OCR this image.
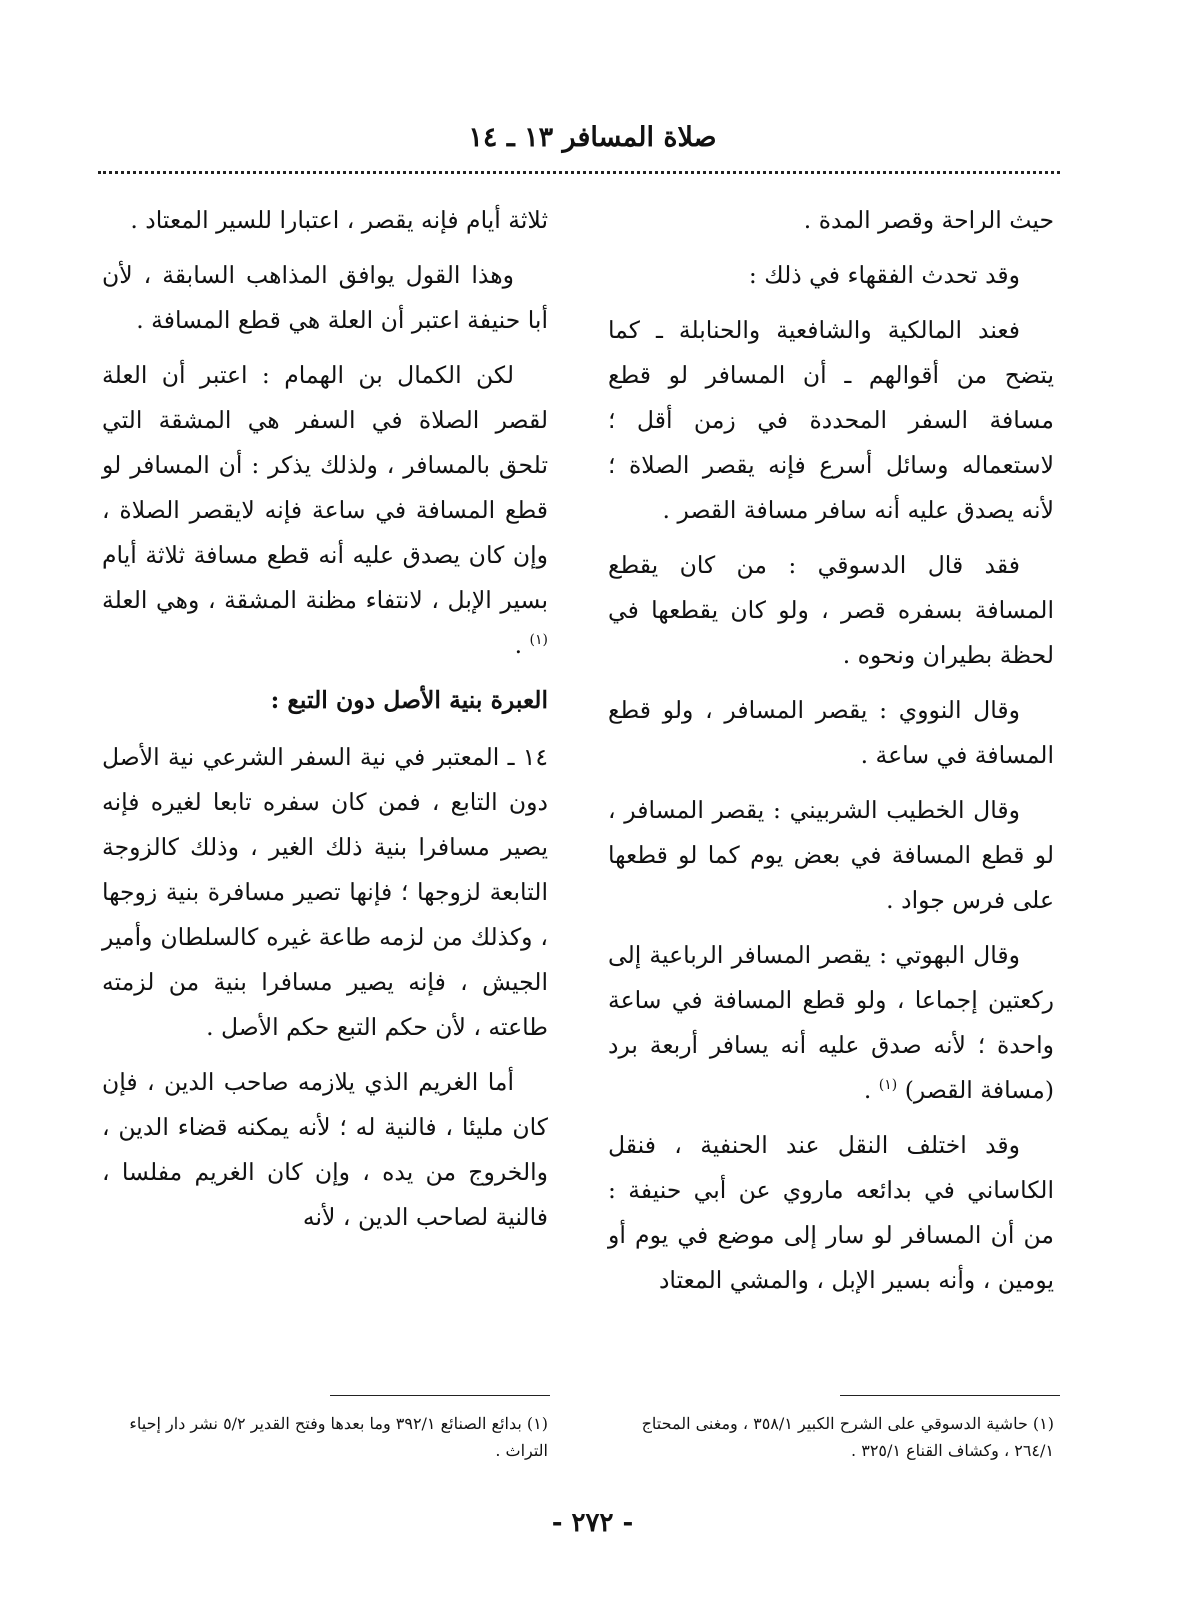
صلاة المسافر ١٣ ـ ١٤

حيث الراحة وقصر المدة .

وقد تحدث الفقهاء في ذلك :

فعند المالكية والشافعية والحنابلة ـ كما يتضح من أقوالهم ـ أن المسافر لو قطع مسافة السفر المحددة في زمن أقل ؛ لاستعماله وسائل أسرع فإنه يقصر الصلاة ؛ لأنه يصدق عليه أنه سافر مسافة القصر .

فقد قال الدسوقي : من كان يقطع المسافة بسفره قصر ، ولو كان يقطعها في لحظة بطيران ونحوه .

وقال النووي : يقصر المسافر ، ولو قطع المسافة في ساعة .

وقال الخطيب الشربيني : يقصر المسافر ، لو قطع المسافة في بعض يوم كما لو قطعها على فرس جواد .

وقال البهوتي : يقصر المسافر الرباعية إلى ركعتين إجماعا ، ولو قطع المسافة في ساعة واحدة ؛ لأنه صدق عليه أنه يسافر أربعة برد (مسافة القصر) $^{(١)}$ .

وقد اختلف النقل عند الحنفية ، فنقل الكاساني في بدائعه ماروي عن أبي حنيفة : من أن المسافر لو سار إلى موضع في يوم أو يومين ، وأنه بسير الإبل ، والمشي المعتاد

ثلاثة أيام فإنه يقصر ، اعتبارا للسير المعتاد .

وهذا القول يوافق المذاهب السابقة ، لأن أبا حنيفة اعتبر أن العلة هي قطع المسافة .

لكن الكمال بن الهمام : اعتبر أن العلة لقصر الصلاة في السفر هي المشقة التي تلحق بالمسافر ، ولذلك يذكر : أن المسافر لو قطع المسافة في ساعة فإنه لايقصر الصلاة ، وإن كان يصدق عليه أنه قطع مسافة ثلاثة أيام بسير الإبل ، لانتفاء مظنة المشقة ، وهي العلة $^{(١)}$ .

العبرة بنية الأصل دون التبع :

١٤ ـ المعتبر في نية السفر الشرعي نية الأصل دون التابع ، فمن كان سفره تابعا لغيره فإنه يصير مسافرا بنية ذلك الغير ، وذلك كالزوجة التابعة لزوجها ؛ فإنها تصير مسافرة بنية زوجها ، وكذلك من لزمه طاعة غيره كالسلطان وأمير الجيش ، فإنه يصير مسافرا بنية من لزمته طاعته ، لأن حكم التبع حكم الأصل .

أما الغريم الذي يلازمه صاحب الدين ، فإن كان مليئا ، فالنية له ؛ لأنه يمكنه قضاء الدين ، والخروج من يده ، وإن كان الغريم مفلسا ، فالنية لصاحب الدين ، لأنه

(١) حاشية الدسوقي على الشرح الكبير ٣٥٨/١ ، ومغنى المحتاج ٢٦٤/١ ، وكشاف القناع ٣٢٥/١ .
(١) بدائع الصنائع ٣٩٢/١ وما بعدها وفتح القدير ٥/٢ نشر دار إحياء التراث .
- ٢٧٢ -
